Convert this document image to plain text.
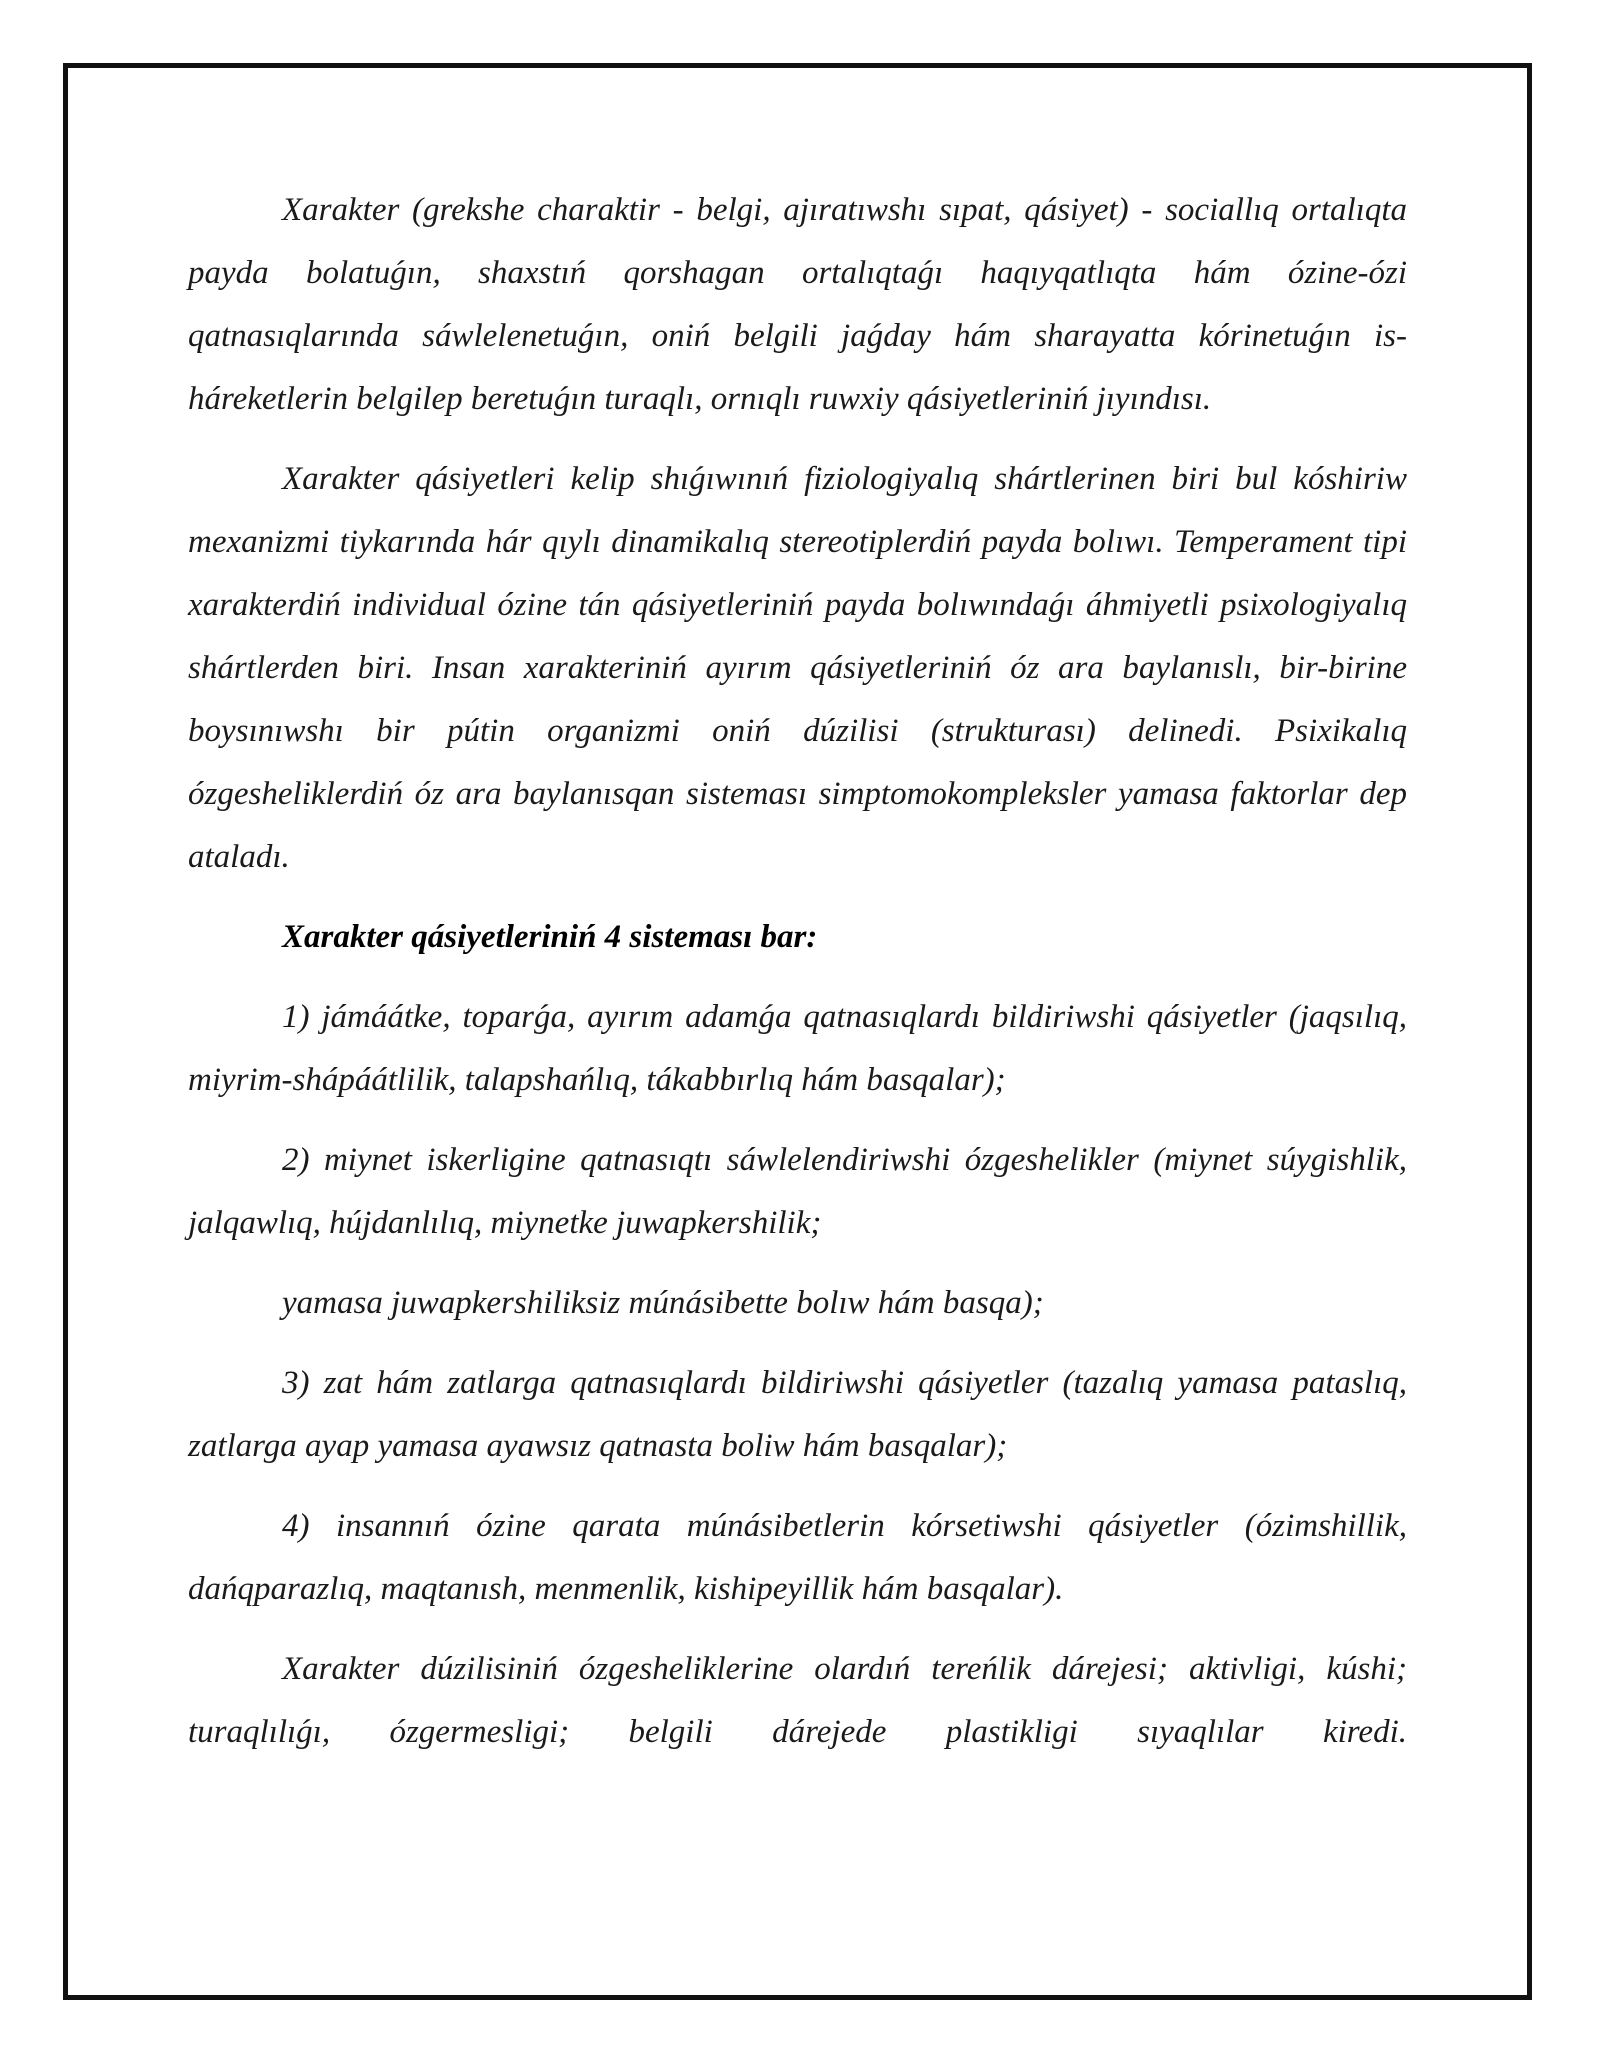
Xarakter (grekshe charaktir - belgi, ajıratıwshı sıpat, qásiyet) - sociallıq ortalıqta payda bolatuǵın, shaxstıń qorshagan ortalıqtaǵı haqıyqatlıqta hám ózine-ózi qatnasıqlarında sáwlelenetuǵın, oniń belgili jaǵday hám sharayatta kórinetuǵın is-háreketlerin belgilep beretuǵın turaqlı, ornıqlı ruwxiy qásiyetleriniń jıyındısı.

Xarakter qásiyetleri kelip shıǵıwınıń fiziologiyalıq shártlerinen biri bul kóshiriw mexanizmi tiykarında hár qıylı dinamikalıq stereotiplerdiń payda bolıwı. Temperament tipi xarakterdiń individual ózine tán qásiyetleriniń payda bolıwındaǵı áhmiyetli psixologiyalıq shártlerden biri. Insan xarakteriniń ayırım qásiyetleriniń óz ara baylanıslı, bir-birine boysınıwshı bir pútin organizmi oniń dúzilisi (strukturası) delinedi. Psixikalıq ózgesheliklerdiń óz ara baylanısqan sisteması simptomokompleksler yamasa faktorlar dep ataladı.

Xarakter qásiyetleriniń 4 sisteması bar:

1) jámáátke, toparǵa, ayırım adamǵa qatnasıqlardı bildiriwshi qásiyetler (jaqsılıq, miyrim-shápáátlilik, talapshańlıq, tákabbırlıq hám basqalar);

2) miynet iskerligine qatnasıqtı sáwlelendiriwshi ózgeshelikler (miynet súygishlik, jalqawlıq, hújdanlılıq, miynetke juwapkershilik;

yamasa juwapkershiliksiz múnásibette bolıw hám basqa);

3) zat hám zatlarga qatnasıqlardı bildiriwshi qásiyetler (tazalıq yamasa pataslıq, zatlarga ayap yamasa ayawsız qatnasta boliw hám basqalar);

4) insannıń ózine qarata múnásibetlerin kórsetiwshi qásiyetler (ózimshillik, dańqparazlıq, maqtanısh, menmenlik, kishipeyillik hám basqalar).

Xarakter dúzilisiniń ózgesheliklerine olardıń tereńlik dárejesi; aktivligi, kúshi; turaqlılıǵı, ózgermesligi; belgili dárejede plastikligi sıyaqlılar kiredi.
